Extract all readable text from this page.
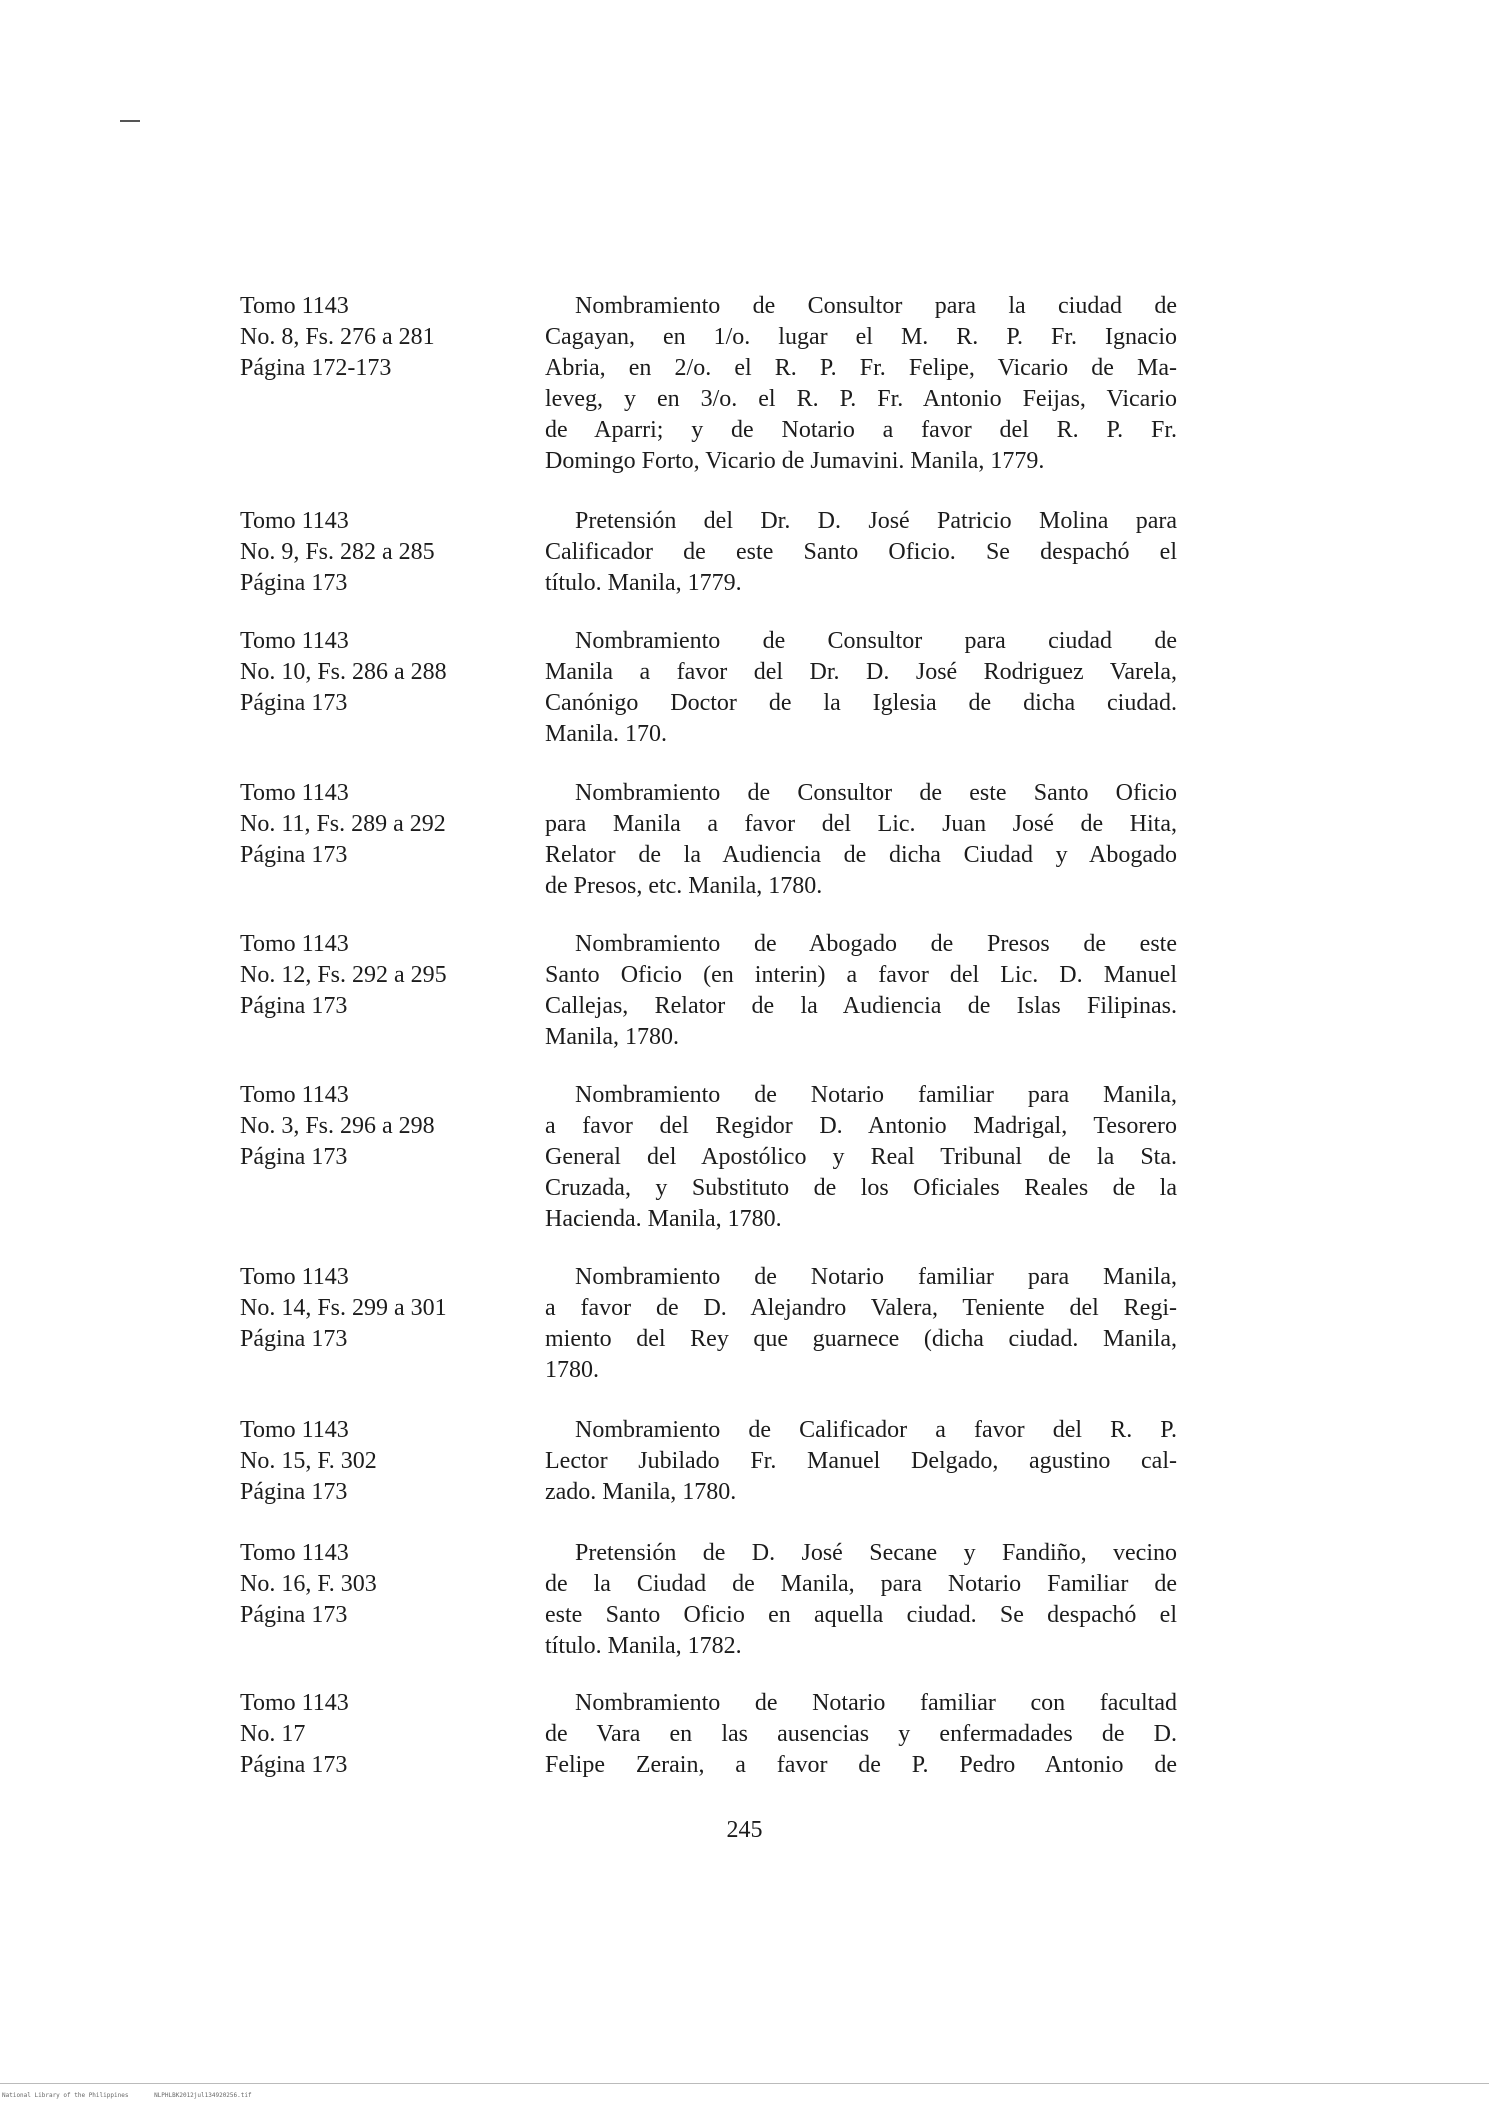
Tomo 1143
No. 8, Fs. 276 a 281
Página 172-173
Nombramiento de Consultor para la ciudad de
Cagayan, en 1/o. lugar el M. R. P. Fr. Ignacio
Abria, en 2/o. el R. P. Fr. Felipe, Vicario de Ma-
leveg, y en 3/o. el R. P. Fr. Antonio Feijas, Vicario
de Aparri; y de Notario a favor del R. P. Fr.
Domingo Forto, Vicario de Jumavini. Manila, 1779.
Tomo 1143
No. 9, Fs. 282 a 285
Página 173
Pretensión del Dr. D. José Patricio Molina para
Calificador de este Santo Oficio. Se despachó el
título. Manila, 1779.
Tomo 1143
No. 10, Fs. 286 a 288
Página 173
Nombramiento de Consultor para ciudad de
Manila a favor del Dr. D. José Rodriguez Varela,
Canónigo Doctor de la Iglesia de dicha ciudad.
Manila. 170.
Tomo 1143
No. 11, Fs. 289 a 292
Página 173
Nombramiento de Consultor de este Santo Oficio
para Manila a favor del Lic. Juan José de Hita,
Relator de la Audiencia de dicha Ciudad y Abogado
de Presos, etc. Manila, 1780.
Tomo 1143
No. 12, Fs. 292 a 295
Página 173
Nombramiento de Abogado de Presos de este
Santo Oficio (en interin) a favor del Lic. D. Manuel
Callejas, Relator de la Audiencia de Islas Filipinas.
Manila, 1780.
Tomo 1143
No. 3, Fs. 296 a 298
Página 173
Nombramiento de Notario familiar para Manila,
a favor del Regidor D. Antonio Madrigal, Tesorero
General del Apostólico y Real Tribunal de la Sta.
Cruzada, y Substituto de los Oficiales Reales de la
Hacienda. Manila, 1780.
Tomo 1143
No. 14, Fs. 299 a 301
Página 173
Nombramiento de Notario familiar para Manila,
a favor de D. Alejandro Valera, Teniente del Regi-
miento del Rey que guarnece (dicha ciudad. Manila,
1780.
Tomo 1143
No. 15, F. 302
Página 173
Nombramiento de Calificador a favor del R. P.
Lector Jubilado Fr. Manuel Delgado, agustino cal-
zado. Manila, 1780.
Tomo 1143
No. 16, F. 303
Página 173
Pretensión de D. José Secane y Fandiño, vecino
de la Ciudad de Manila, para Notario Familiar de
este Santo Oficio en aquella ciudad. Se despachó el
título. Manila, 1782.
Tomo 1143
No. 17
Página 173
Nombramiento de Notario familiar con facultad
de Vara en las ausencias y enfermadades de D.
Felipe Zerain, a favor de P. Pedro Antonio de
245
National Library of the Philippines	NLPHLBK2012jul134920256.tif
